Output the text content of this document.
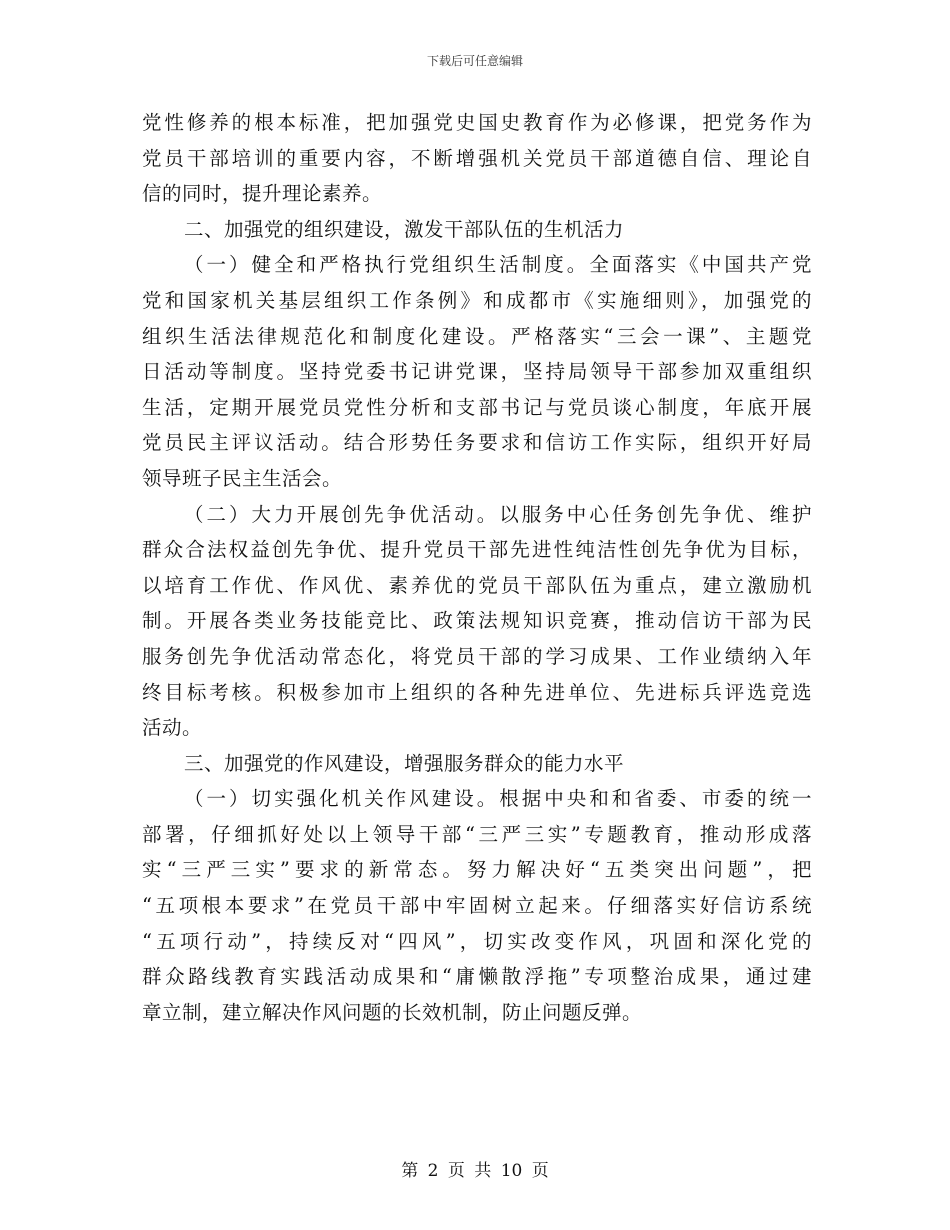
下载后可任意编辑
党性修养的根本标准，把加强党史国史教育作为必修课，把党务作为
党员干部培训的重要内容，不断增强机关党员干部道德自信、理论自
信的同时，提升理论素养。
二、加强党的组织建设，激发干部队伍的生机活力
（一）健全和严格执行党组织生活制度。全面落实《中国共产党
党和国家机关基层组织工作条例》和成都市《实施细则》，加强党的
组织生活法律规范化和制度化建设。严格落实“三会一课”、主题党
日活动等制度。坚持党委书记讲党课，坚持局领导干部参加双重组织
生活，定期开展党员党性分析和支部书记与党员谈心制度，年底开展
党员民主评议活动。结合形势任务要求和信访工作实际，组织开好局
领导班子民主生活会。
（二）大力开展创先争优活动。以服务中心任务创先争优、维护
群众合法权益创先争优、提升党员干部先进性纯洁性创先争优为目标，
以培育工作优、作风优、素养优的党员干部队伍为重点，建立激励机
制。开展各类业务技能竞比、政策法规知识竞赛，推动信访干部为民
服务创先争优活动常态化，将党员干部的学习成果、工作业绩纳入年
终目标考核。积极参加市上组织的各种先进单位、先进标兵评选竞选
活动。
三、加强党的作风建设，增强服务群众的能力水平
（一）切实强化机关作风建设。根据中央和和省委、市委的统一
部署，仔细抓好处以上领导干部“三严三实”专题教育，推动形成落
实“三严三实”要求的新常态。努力解决好“五类突出问题”，把
“五项根本要求”在党员干部中牢固树立起来。仔细落实好信访系统
“五项行动”，持续反对“四风”，切实改变作风，巩固和深化党的
群众路线教育实践活动成果和“庸懒散浮拖”专项整治成果，通过建
章立制，建立解决作风问题的长效机制，防止问题反弹。
第 2 页 共 10 页
